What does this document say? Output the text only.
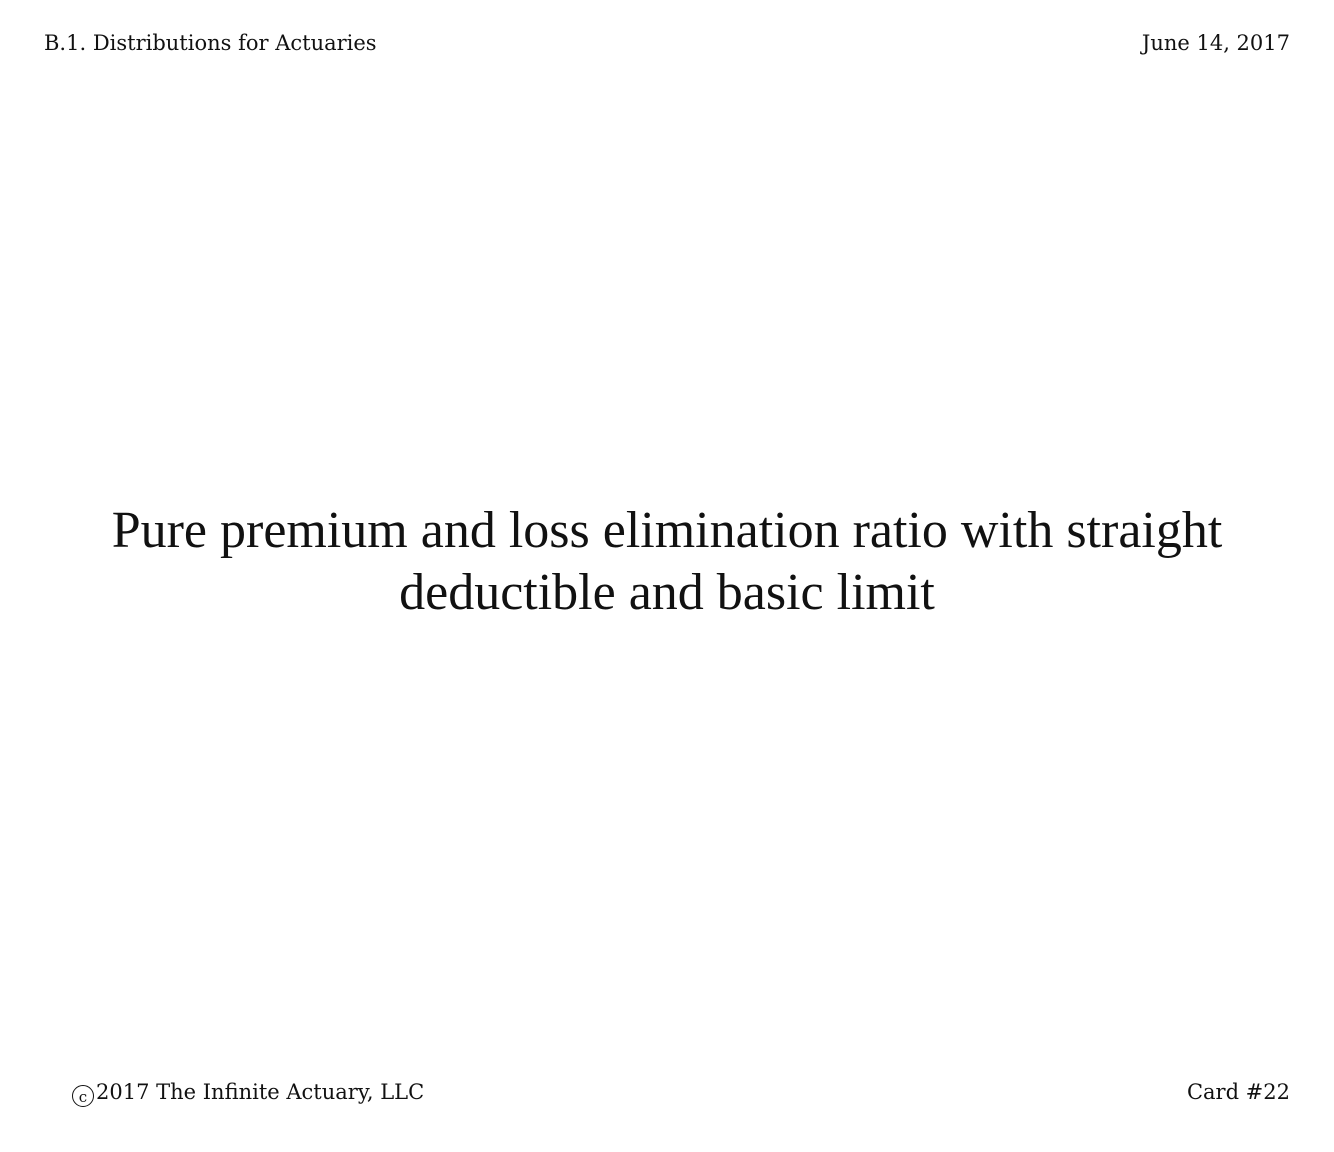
B.1. Distributions for Actuaries	June 14, 2017
Pure premium and loss elimination ratio with straight
deductible and basic limit
c 2017 The Infinite Actuary, LLC	Card #22
